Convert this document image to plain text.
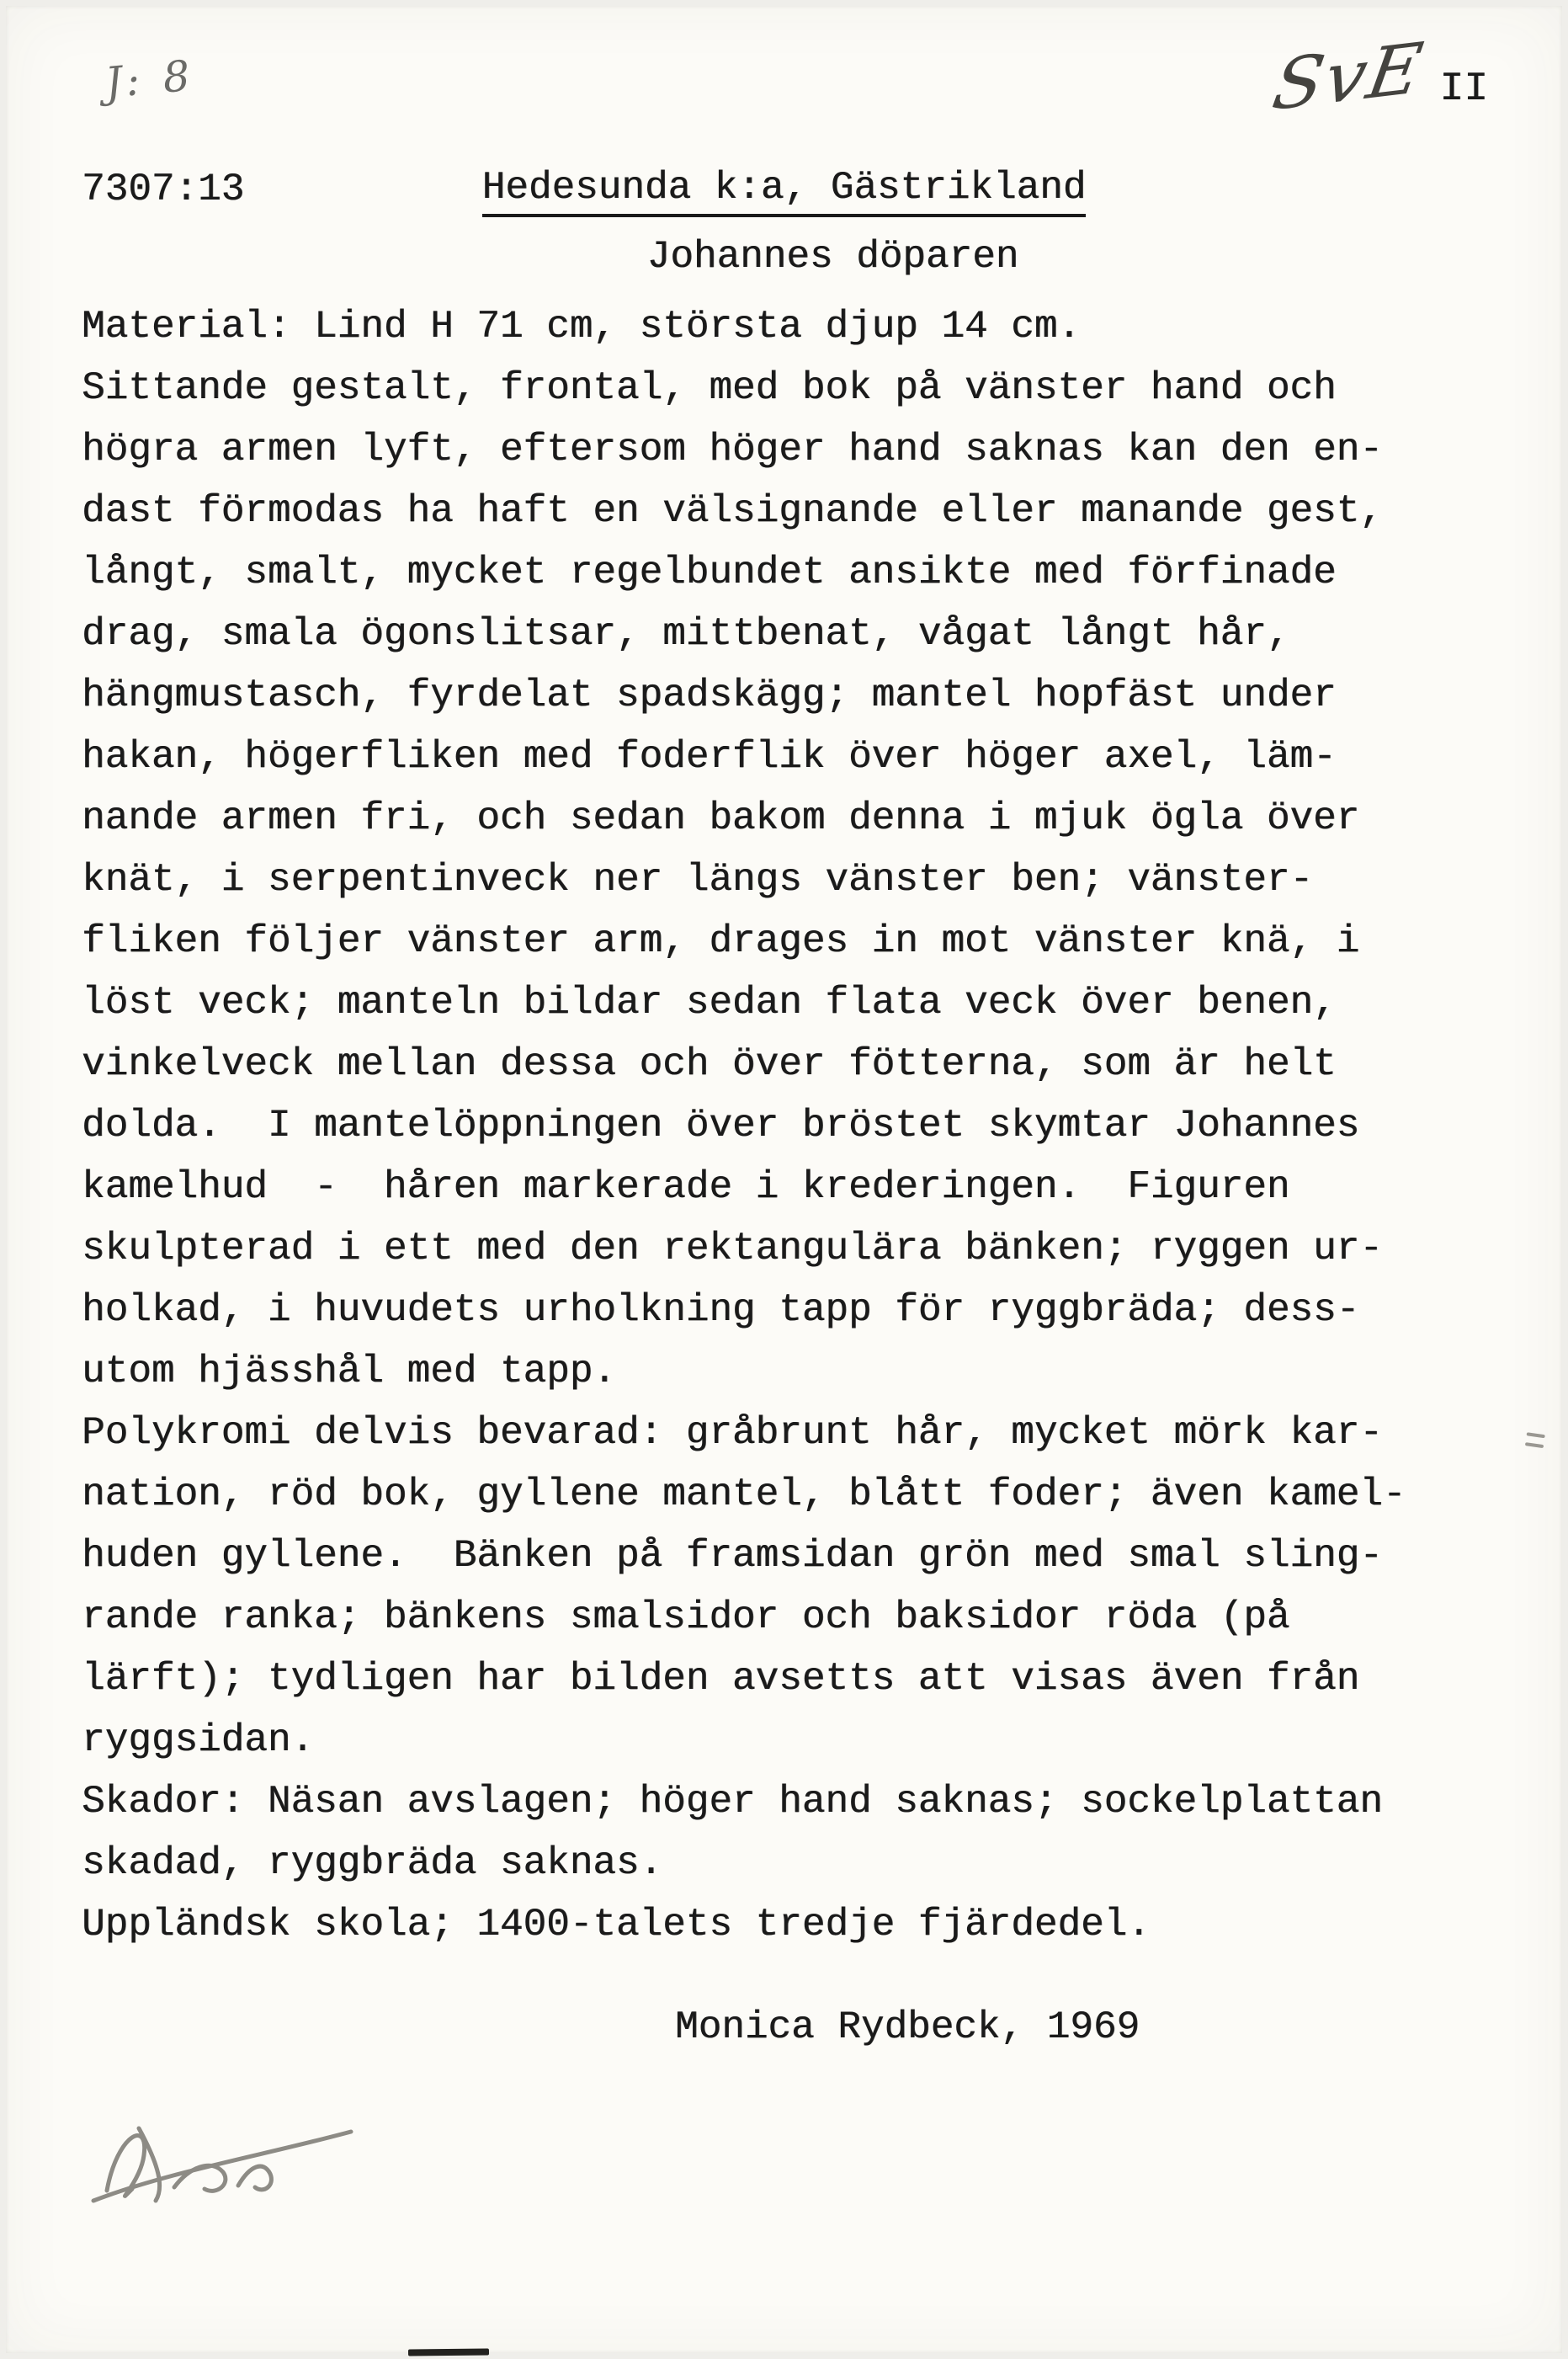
J: 8	SvE II
7307:13	Hedesunda k:a, Gästrikland
Johannes döparen
Material: Lind H 71 cm, största djup 14 cm.
Sittande gestalt, frontal, med bok på vänster hand och
högra armen lyft, eftersom höger hand saknas kan den en-
dast förmodas ha haft en välsignande eller manande gest,
långt, smalt, mycket regelbundet ansikte med förfinade
drag, smala ögonslitsar, mittbenat, vågat långt hår,
hängmustasch, fyrdelat spadskägg; mantel hopfäst under
hakan, högerfliken med foderflik över höger axel, läm-
nande armen fri, och sedan bakom denna i mjuk ögla över
knät, i serpentinveck ner längs vänster ben; vänster-
fliken följer vänster arm, drages in mot vänster knä, i
löst veck; manteln bildar sedan flata veck över benen,
vinkelveck mellan dessa och över fötterna, som är helt
dolda.  I mantelöppningen över bröstet skymtar Johannes
kamelhud  -  håren markerade i krederingen.  Figuren
skulpterad i ett med den rektangulära bänken; ryggen ur-
holkad, i huvudets urholkning tapp för ryggbräda; dess-
utom hjässhål med tapp.
Polykromi delvis bevarad: gråbrunt hår, mycket mörk kar-
nation, röd bok, gyllene mantel, blått foder; även kamel-
huden gyllene.  Bänken på framsidan grön med smal sling-
rande ranka; bänkens smalsidor och baksidor röda (på
lärft); tydligen har bilden avsetts att visas även från
ryggsidan.
Skador: Näsan avslagen; höger hand saknas; sockelplattan
skadad, ryggbräda saknas.
Uppländsk skola; 1400-talets tredje fjärdedel.
Monica Rydbeck, 1969
